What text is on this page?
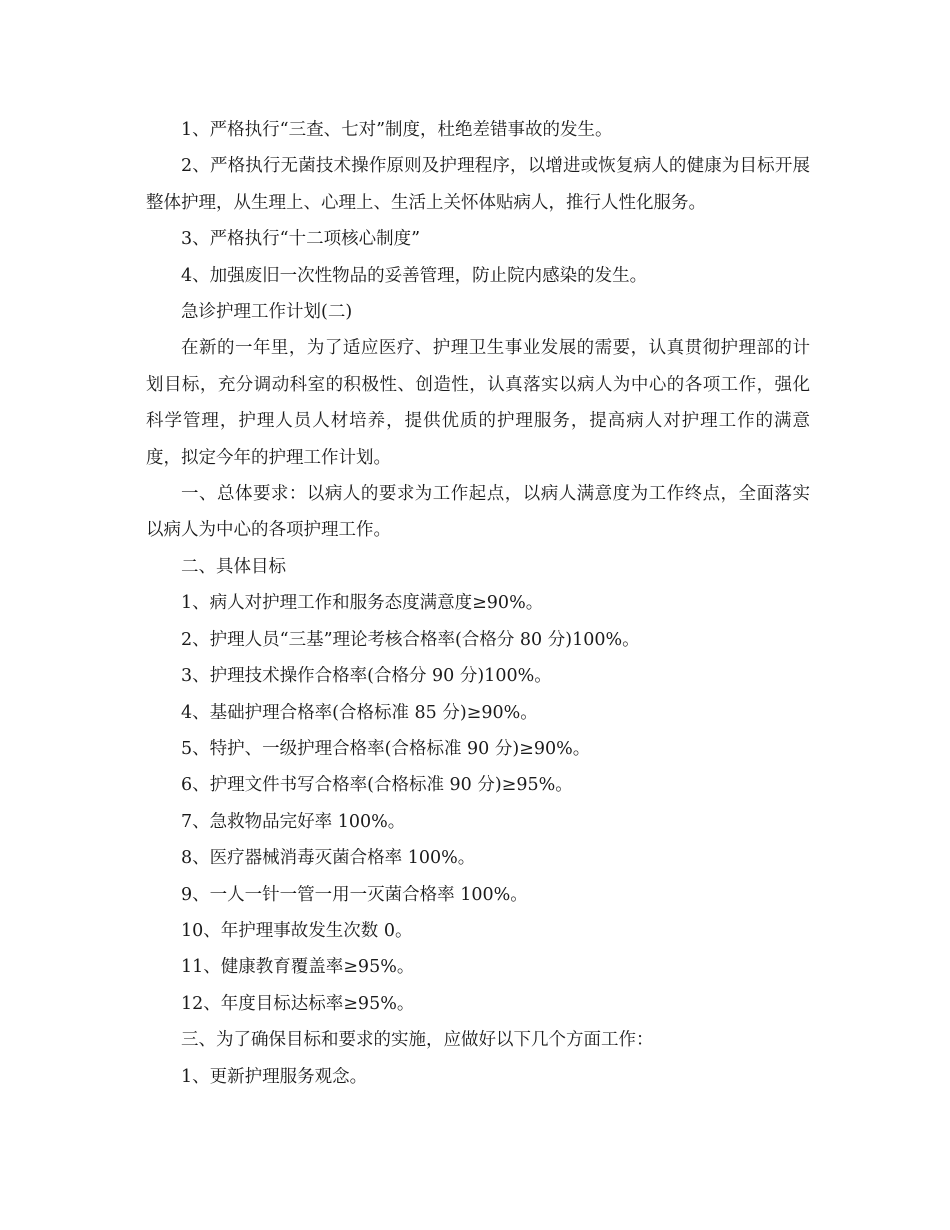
1、严格执行“三查、七对”制度，杜绝差错事故的发生。

2、严格执行无菌技术操作原则及护理程序，以增进或恢复病人的健康为目标开展整体护理，从生理上、心理上、生活上关怀体贴病人，推行人性化服务。

3、严格执行“十二项核心制度”

4、加强废旧一次性物品的妥善管理，防止院内感染的发生。

急诊护理工作计划(二)

在新的一年里，为了适应医疗、护理卫生事业发展的需要，认真贯彻护理部的计划目标，充分调动科室的积极性、创造性，认真落实以病人为中心的各项工作，强化科学管理，护理人员人材培养，提供优质的护理服务，提高病人对护理工作的满意度，拟定今年的护理工作计划。

一、总体要求：以病人的要求为工作起点，以病人满意度为工作终点，全面落实以病人为中心的各项护理工作。

二、具体目标

1、病人对护理工作和服务态度满意度≥90%。

2、护理人员“三基”理论考核合格率(合格分 80 分)100%。

3、护理技术操作合格率(合格分 90 分)100%。

4、基础护理合格率(合格标准 85 分)≥90%。

5、特护、一级护理合格率(合格标准 90 分)≥90%。

6、护理文件书写合格率(合格标准 90 分)≥95%。

7、急救物品完好率 100%。

8、医疗器械消毒灭菌合格率 100%。

9、一人一针一管一用一灭菌合格率 100%。

10、年护理事故发生次数 0。

11、健康教育覆盖率≥95%。

12、年度目标达标率≥95%。

三、为了确保目标和要求的实施，应做好以下几个方面工作：

1、更新护理服务观念。
